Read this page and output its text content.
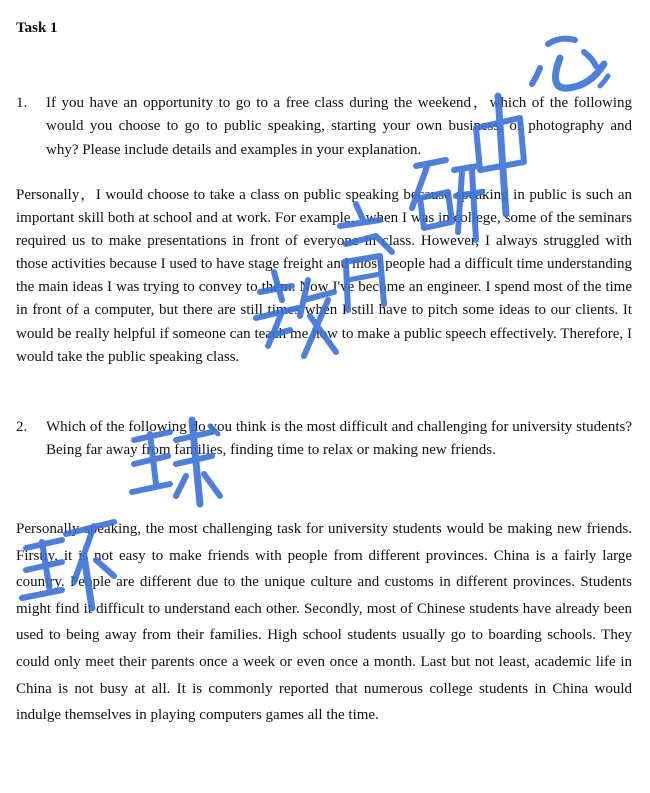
Task 1
1. If you have an opportunity to go to a free class during the weekend，which of the following would you choose to go to public speaking, starting your own business, or photography and why? Please include details and examples in your explanation.
Personally，I would choose to take a class on public speaking because speaking in public is such an important skill both at school and at work. For example，when I was in college, some of the seminars required us to make presentations in front of everyone in class. However, I always struggled with those activities because I used to have stage freight and most people had a difficult time understanding the main ideas I was trying to convey to them. Now I've become an engineer. I spend most of the time in front of a computer, but there are still times when I still have to pitch some ideas to our clients. It would be really helpful if someone can teach me how to make a public speech effectively. Therefore, I would take the public speaking class.
2. Which of the following do you think is the most difficult and challenging for university students? Being far away from families, finding time to relax or making new friends.
Personally speaking, the most challenging task for university students would be making new friends. Firstly, it is not easy to make friends with people from different provinces. China is a fairly large country. People are different due to the unique culture and customs in different provinces. Students might find it difficult to understand each other. Secondly, most of Chinese students have already been used to being away from their families. High school students usually go to boarding schools. They could only meet their parents once a week or even once a month. Last but not least, academic life in China is not busy at all. It is commonly reported that numerous college students in China would indulge themselves in playing computers games all the time.
